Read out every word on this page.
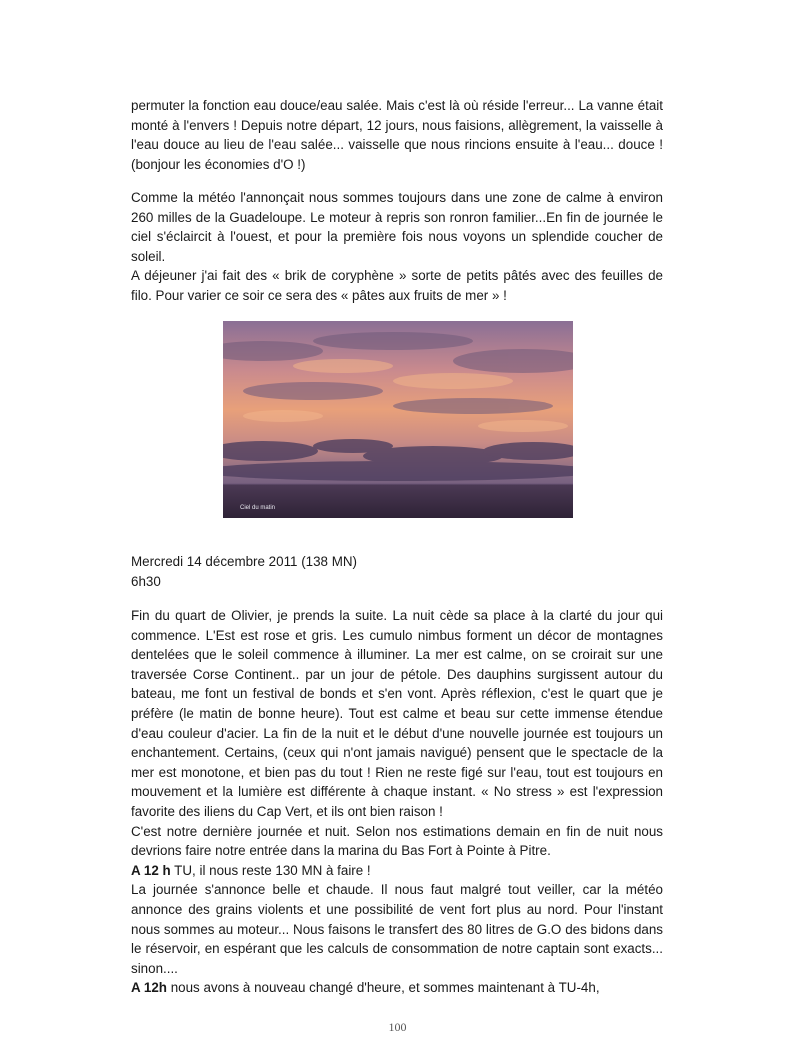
permuter la fonction eau douce/eau salée. Mais c'est là où réside l'erreur... La vanne était monté à l'envers ! Depuis notre départ, 12 jours, nous faisions, allègrement, la vaisselle à l'eau douce au lieu de l'eau salée... vaisselle que nous rincions ensuite à l'eau... douce ! (bonjour les économies d'O !)

Comme la météo l'annonçait nous sommes toujours dans une zone de calme à environ 260 milles de la Guadeloupe. Le moteur à repris son ronron familier...En fin de journée le ciel s'éclaircit à l'ouest, et pour la première fois nous voyons un splendide coucher de soleil.

A déjeuner j'ai fait des « brik de coryphène » sorte de petits pâtés avec des feuilles de filo. Pour varier ce soir ce sera des « pâtes aux fruits de mer » !

Ciel du matin
Mercredi 14 décembre 2011 (138 MN)
6h30

Fin du quart de Olivier, je prends la suite. La nuit cède sa place à la clarté du jour qui commence. L'Est est rose et gris. Les cumulo nimbus forment un décor de montagnes dentelées que le soleil commence à illuminer. La mer est calme, on se croirait sur une traversée Corse Continent.. par un jour de pétole. Des dauphins surgissent autour du bateau, me font un festival de bonds et s'en vont. Après réflexion, c'est le quart que je préfère (le matin de bonne heure). Tout est calme et beau sur cette immense étendue d'eau couleur d'acier. La fin de la nuit et le début d'une nouvelle journée est toujours un enchantement. Certains, (ceux qui n'ont jamais navigué) pensent que le spectacle de la mer est monotone, et bien pas du tout ! Rien ne reste figé sur l'eau, tout est toujours en mouvement et la lumière est différente à chaque instant. « No stress » est l'expression favorite des iliens du Cap Vert, et ils ont bien raison !

C'est notre dernière journée et nuit. Selon nos estimations demain en fin de nuit nous devrions faire notre entrée dans la marina du Bas Fort à Pointe à Pitre.

A 12 h TU, il nous reste 130 MN à faire !

La journée s'annonce belle et chaude. Il nous faut malgré tout veiller, car la météo annonce des grains violents et une possibilité de vent fort plus au nord. Pour l'instant nous sommes au moteur... Nous faisons le transfert des 80 litres de G.O des bidons dans le réservoir, en espérant que les calculs de consommation de notre captain sont exacts... sinon....

A 12h nous avons à nouveau changé d'heure, et sommes maintenant à TU-4h,

100
